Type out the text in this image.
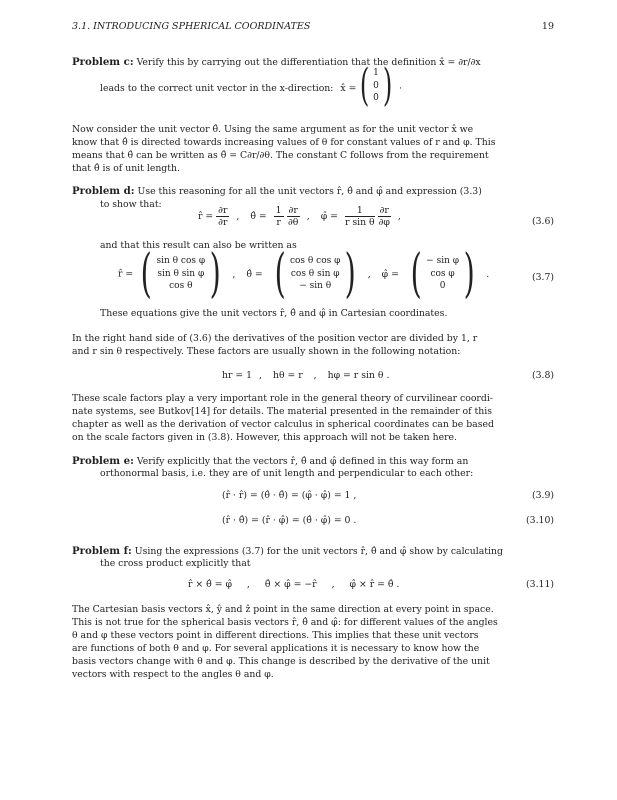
3.1. INTRODUCING SPHERICAL COORDINATES	19
Problem c: Verify this by carrying out the differentiation that the definition x̂ = ∂r/∂x
leads to the correct unit vector in the x-direction: x̂ = ( 1
0
0 ) .
Now consider the unit vector θ̂. Using the same argument as for the unit vector x̂ we
know that θ̂ is directed towards increasing values of θ for constant values of r and φ. This
means that θ̂ can be written as θ̂ = C∂r/∂θ. The constant C follows from the requirement
that θ̂ is of unit length.
Problem d: Use this reasoning for all the unit vectors r̂, θ̂ and φ̂ and expression (3.3)
to show that:
r̂ = $\frac{\partial r}{\partial r}$ , θ̂ = $\frac{1}{r}$
$\frac{\partial r}{\partial\theta}$ , φ̂ = $\frac{1}{\text{r sin θ}}$
$\frac{\partial r}{\partial\varphi}$ ,	(3.6)
and that this result can also be written as
r̂ = ( sin θ cos φ
sin θ sin φ
cos θ ) , θ̂ = ( cos θ cos φ
cos θ sin φ
− sin θ ) , φ̂ = ( − sin φ
cos φ
0 ) .	(3.7)
These equations give the unit vectors r̂, θ̂ and φ̂ in Cartesian coordinates.
In the right hand side of (3.6) the derivatives of the position vector are divided by 1, r
and r sin θ respectively. These factors are usually shown in the following notation:
hr = 1 , hθ = r , hφ = r sin θ .	(3.8)
These scale factors play a very important role in the general theory of curvilinear coordi-
nate systems, see Butkov[14] for details. The material presented in the remainder of this
chapter as well as the derivation of vector calculus in spherical coordinates can be based
on the scale factors given in (3.8). However, this approach will not be taken here.
Problem e: Verify explicitly that the vectors r̂, θ̂ and φ̂ defined in this way form an
orthonormal basis, i.e. they are of unit length and perpendicular to each other:
(r̂ · r̂) = (θ̂ · θ̂) = (φ̂ · φ̂) = 1 ,	(3.9)
(r̂ · θ̂) = (r̂ · φ̂) = (θ̂ · φ̂) = 0 .	(3.10)
Problem f: Using the expressions (3.7) for the unit vectors r̂, θ̂ and φ̂ show by calculating
the cross product explicitly that
r̂ × θ̂ = φ̂ , θ̂ × φ̂ = −r̂ , φ̂ × r̂ = θ̂ .	(3.11)
The Cartesian basis vectors x̂, ŷ and ẑ point in the same direction at every point in space.
This is not true for the spherical basis vectors r̂, θ̂ and φ̂: for different values of the angles
θ and φ these vectors point in different directions. This implies that these unit vectors
are functions of both θ and φ. For several applications it is necessary to know how the
basis vectors change with θ and φ. This change is described by the derivative of the unit
vectors with respect to the angles θ and φ.
